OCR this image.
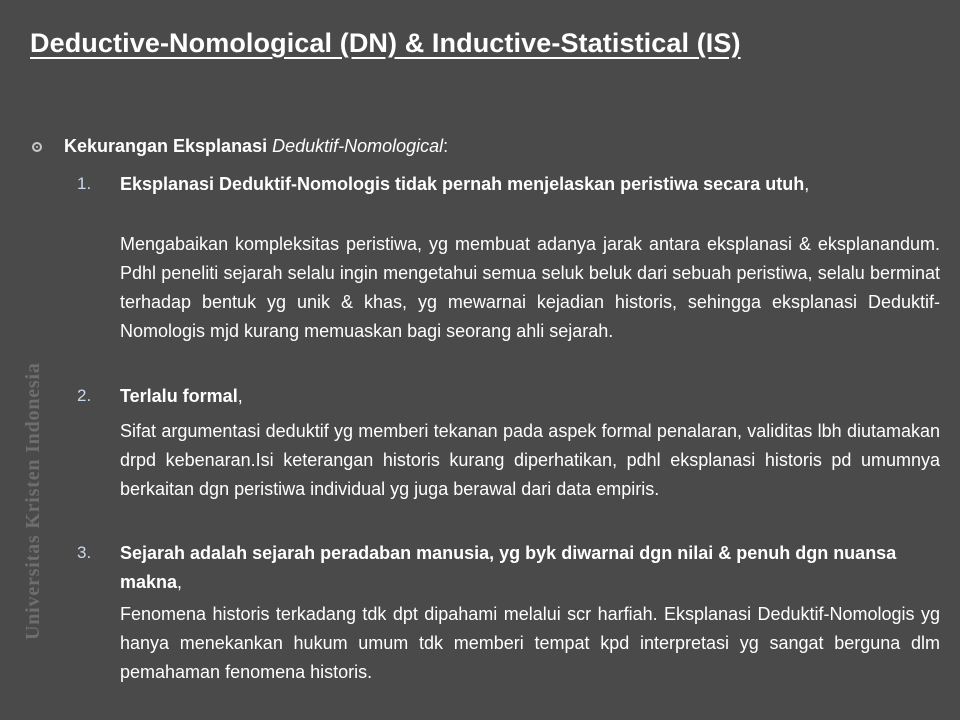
Deductive-Nomological (DN) & Inductive-Statistical (IS)
Universitas Kristen Indonesia
Kekurangan Eksplanasi Deduktif-Nomological:
1. Eksplanasi Deduktif-Nomologis tidak pernah menjelaskan peristiwa secara utuh,
Mengabaikan kompleksitas peristiwa, yg membuat adanya jarak antara eksplanasi & eksplanandum. Pdhl peneliti sejarah selalu ingin mengetahui semua seluk beluk dari sebuah peristiwa, selalu berminat terhadap bentuk yg unik & khas, yg mewarnai kejadian historis, sehingga eksplanasi Deduktif-Nomologis mjd kurang memuaskan bagi seorang ahli sejarah.
2. Terlalu formal,
Sifat argumentasi deduktif yg memberi tekanan pada aspek formal penalaran, validitas lbh diutamakan drpd kebenaran.Isi keterangan historis kurang diperhatikan, pdhl eksplanasi historis pd umumnya berkaitan dgn peristiwa individual yg juga berawal dari data empiris.
3. Sejarah adalah sejarah peradaban manusia, yg byk diwarnai dgn nilai & penuh dgn nuansa makna,
Fenomena historis terkadang tdk dpt dipahami melalui scr harfiah. Eksplanasi Deduktif-Nomologis yg hanya menekankan hukum umum tdk memberi tempat kpd interpretasi yg sangat berguna dlm pemahaman fenomena historis.
